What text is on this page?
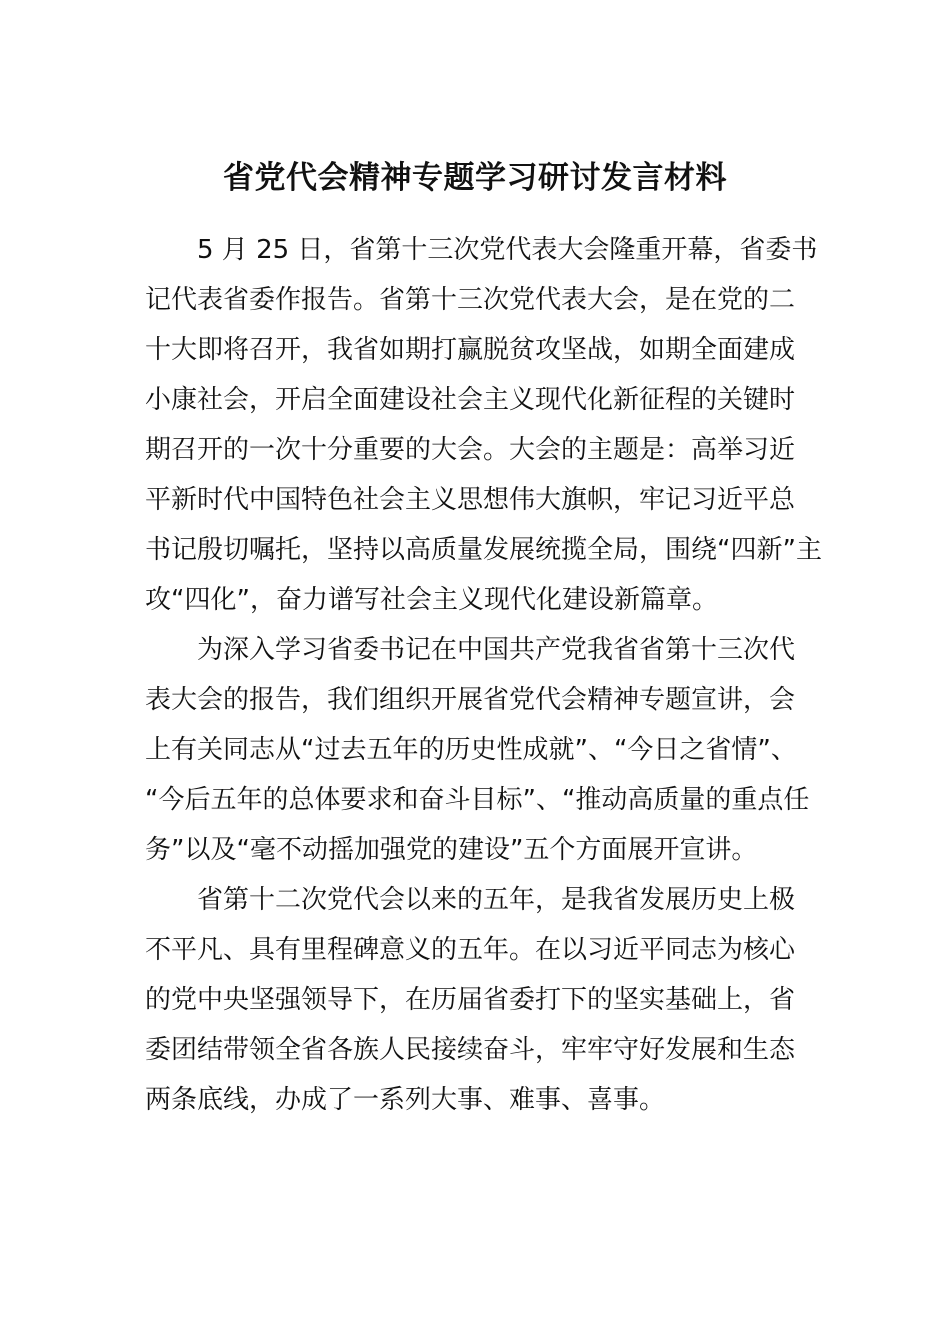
省党代会精神专题学习研讨发言材料

5 月 25 日，省第十三次党代表大会隆重开幕，省委书
记代表省委作报告。省第十三次党代表大会，是在党的二
十大即将召开，我省如期打赢脱贫攻坚战，如期全面建成
小康社会，开启全面建设社会主义现代化新征程的关键时
期召开的一次十分重要的大会。大会的主题是：高举习近
平新时代中国特色社会主义思想伟大旗帜，牢记习近平总
书记殷切嘱托，坚持以高质量发展统揽全局，围绕“四新”主
攻“四化”，奋力谱写社会主义现代化建设新篇章。

为深入学习省委书记在中国共产党我省省第十三次代
表大会的报告，我们组织开展省党代会精神专题宣讲，会
上有关同志从“过去五年的历史性成就”、“今日之省情”、
“今后五年的总体要求和奋斗目标”、“推动高质量的重点任
务”以及“毫不动摇加强党的建设”五个方面展开宣讲。

省第十二次党代会以来的五年，是我省发展历史上极
不平凡、具有里程碑意义的五年。在以习近平同志为核心
的党中央坚强领导下，在历届省委打下的坚实基础上，省
委团结带领全省各族人民接续奋斗，牢牢守好发展和生态
两条底线，办成了一系列大事、难事、喜事。
